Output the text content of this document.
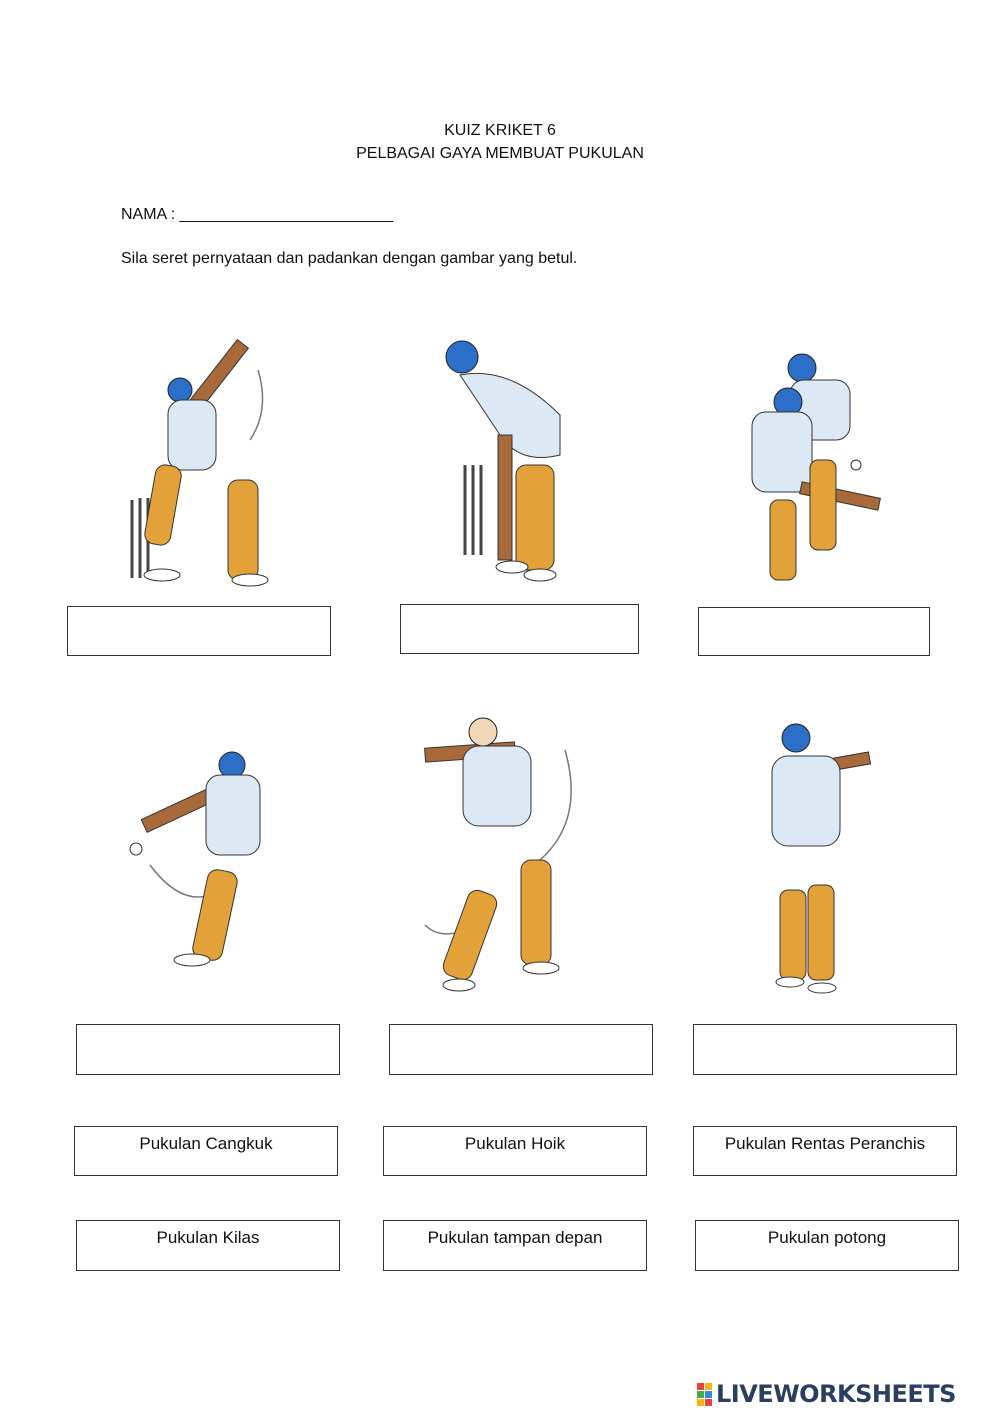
KUIZ KRIKET 6
PELBAGAI GAYA MEMBUAT PUKULAN
NAMA : ________________________
Sila seret pernyataan dan padankan dengan gambar yang betul.
Pukulan Cangkuk	Pukulan Hoik	Pukulan Rentas Peranchis
Pukulan Kilas	Pukulan tampan depan	Pukulan potong
LIVEWORKSHEETS
